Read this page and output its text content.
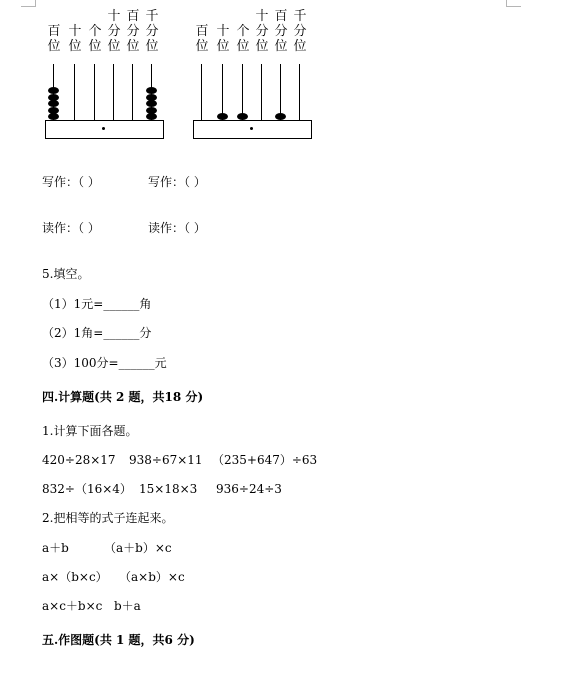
百
位
十
位
个
位
十
分
位
百
分
位
千
分
位
百
位
十
位
个
位
十
分
位
百
分
位
千
分
位
写作：（ ）	写作：（ ）
读作：（ ）	读作：（ ）
5.填空。
（1）1元=______角
（2）1角=______分
（3）100分=______元
四.计算题(共 2 题，共18 分)
1.计算下面各题。
420÷28×17 938÷67×11 （235+647）÷63
832÷（16×4） 15×18×3 936÷24÷3
2.把相等的式子连起来。
a＋b	（a＋b）×c
a×（b×c） （a×b）×c
a×c＋b×c b＋a
五.作图题(共 1 题，共6 分)
